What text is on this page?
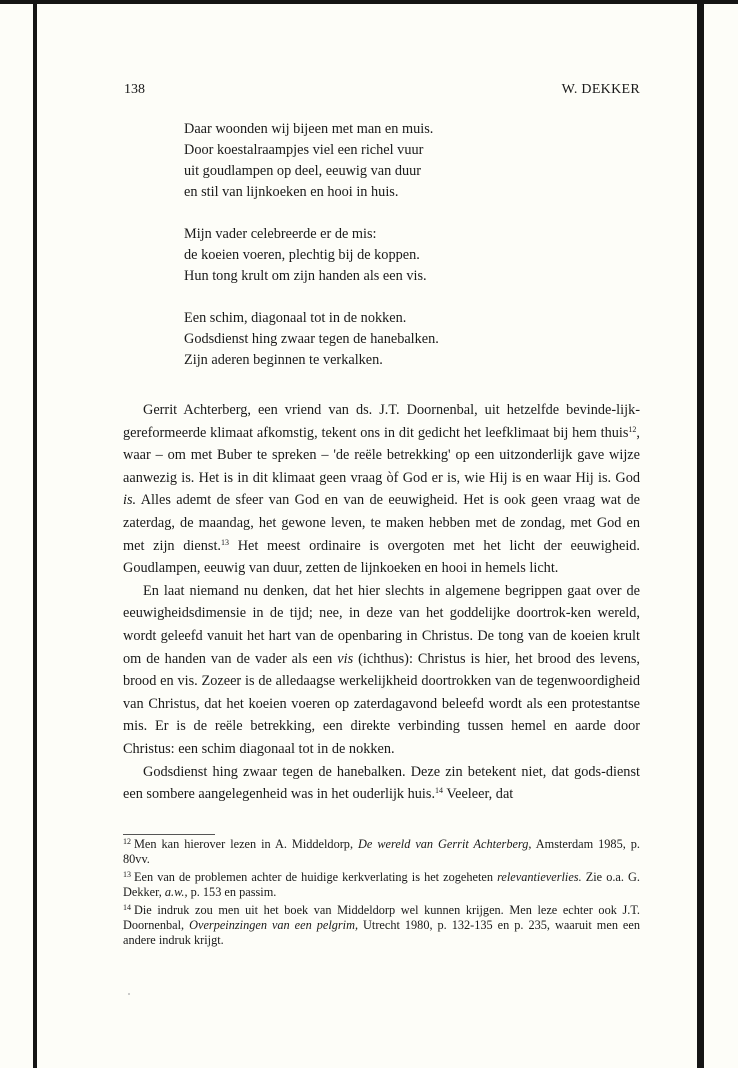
138	W. DEKKER
Daar woonden wij bijeen met man en muis.
Door koestalraampjes viel een richel vuur
uit goudlampen op deel, eeuwig van duur
en stil van lijnkoeken en hooi in huis.
Mijn vader celebreerde er de mis:
de koeien voeren, plechtig bij de koppen.
Hun tong krult om zijn handen als een vis.
Een schim, diagonaal tot in de nokken.
Godsdienst hing zwaar tegen de hanebalken.
Zijn aderen beginnen te verkalken.

Gerrit Achterberg, een vriend van ds. J.T. Doornenbal, uit hetzelfde bevinde-lijk-gereformeerde klimaat afkomstig, tekent ons in dit gedicht het leefklimaat bij hem thuis$^{12}$, waar – om met Buber te spreken – 'de reële betrekking' op een uitzonderlijk gave wijze aanwezig is. Het is in dit klimaat geen vraag òf God er is, wie Hij is en waar Hij is. God is. Alles ademt de sfeer van God en van de eeuwigheid. Het is ook geen vraag wat de zaterdag, de maandag, het gewone leven, te maken hebben met de zondag, met God en met zijn dienst.$^{13}$ Het meest ordinaire is overgoten met het licht der eeuwigheid. Goudlampen, eeuwig van duur, zetten de lijnkoeken en hooi in hemels licht.

En laat niemand nu denken, dat het hier slechts in algemene begrippen gaat over de eeuwigheidsdimensie in de tijd; nee, in deze van het goddelijke doortrok-ken wereld, wordt geleefd vanuit het hart van de openbaring in Christus. De tong van de koeien krult om de handen van de vader als een vis (ichthus): Christus is hier, het brood des levens, brood en vis. Zozeer is de alledaagse werkelijkheid doortrokken van de tegenwoordigheid van Christus, dat het koeien voeren op zaterdagavond beleefd wordt als een protestantse mis. Er is de reële betrekking, een direkte verbinding tussen hemel en aarde door Christus: een schim diagonaal tot in de nokken.

Godsdienst hing zwaar tegen de hanebalken. Deze zin betekent niet, dat gods-dienst een sombere aangelegenheid was in het ouderlijk huis.$^{14}$ Veeleer, dat

$^{12}$ Men kan hierover lezen in A. Middeldorp, De wereld van Gerrit Achterberg, Amsterdam 1985, p. 80vv.

$^{13}$ Een van de problemen achter de huidige kerkverlating is het zogeheten relevantieverlies. Zie o.a. G. Dekker, a.w., p. 153 en passim.

$^{14}$ Die indruk zou men uit het boek van Middeldorp wel kunnen krijgen. Men leze echter ook J.T. Doornenbal, Overpeinzingen van een pelgrim, Utrecht 1980, p. 132-135 en p. 235, waaruit men een andere indruk krijgt.
